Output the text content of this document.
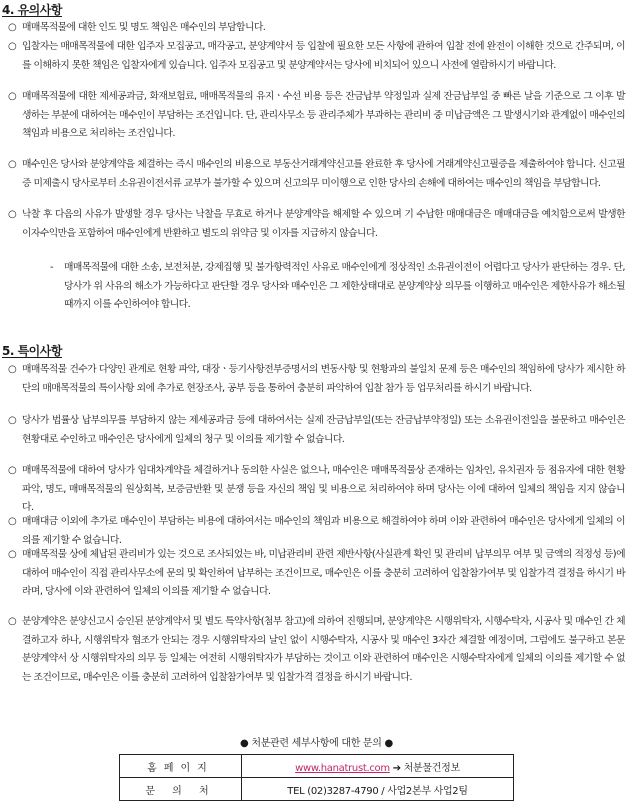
4. 유의사항
○ 매매목적물에 대한 인도 및 명도 책임은 매수인의 부담합니다.
○ 입찰자는 매매목적물에 대한 입주자 모집공고, 매각공고, 분양계약서 등 입찰에 필요한 모든 사항에 관하여 입찰 전에 완전이 이해한 것으로 간주되며, 이를 이해하지 못한 책임은 입찰자에게 있습니다. 입주자 모집공고 및 분양계약서는 당사에 비치되어 있으니 사전에 열람하시기 바랍니다.
○ 매매목적물에 대한 제세공과금, 화재보험료, 매매목적물의 유지ㆍ수선 비용 등은 잔금납부 약정일과 실제 잔금납부일 중 빠른 날을 기준으로 그 이후 발생하는 부분에 대하여는 매수인이 부담하는 조건입니다. 단, 관리사무소 등 관리주체가 부과하는 관리비 중 미납금액은 그 발생시기와 관계없이 매수인의 책임과 비용으로 처리하는 조건입니다.
○ 매수인은 당사와 분양계약을 체결하는 즉시 매수인의 비용으로 부동산거래계약신고를 완료한 후 당사에 거래계약신고필증을 제출하여야 합니다. 신고필증 미제출시 당사로부터 소유권이전서류 교부가 불가할 수 있으며 신고의무 미이행으로 인한 당사의 손해에 대하여는 매수인의 책임을 부담합니다.
○ 낙찰 후 다음의 사유가 발생할 경우 당사는 낙찰을 무효로 하거나 분양계약을 해제할 수 있으며 기 수납한 매매대금은 매매대금을 예치함으로써 발생한 이자수익만을 포함하여 매수인에게 반환하고 별도의 위약금 및 이자를 지급하지 않습니다.
-	매매목적물에 대한 소송, 보전처분, 강제집행 및 불가항력적인 사유로 매수인에게 정상적인 소유권이전이 어렵다고 당사가 판단하는 경우. 단, 당사가 위 사유의 해소가 가능하다고 판단할 경우 당사와 매수인은 그 제한상태대로 분양계약상 의무를 이행하고 매수인은 제한사유가 해소될 때까지 이를 수인하여야 합니다.
5. 특이사항
○ 매매목적물 건수가 다양인 관계로 현황 파악, 대장ㆍ등기사항전부증명서의 변동사항 및 현황과의 불일치 문제 등은 매수인의 책임하에 당사가 제시한 하단의 매매목적물의 특이사항 외에 추가로 현장조사, 공부 등을 통하여 충분히 파악하여 입찰 참가 등 업무처리를 하시기 바랍니다.
○ 당사가 법률상 납부의무를 부담하지 않는 제세공과금 등에 대하여서는 실제 잔금납부일(또는 잔금납부약정일) 또는 소유권이전일을 불문하고 매수인은 현황대로 수인하고 매수인은 당사에게 일체의 청구 및 이의를 제기할 수 없습니다.
○ 매매목적물에 대하여 당사가 임대차계약을 체결하거나 동의한 사실은 없으나, 매수인은 매매목적물상 존재하는 임차인, 유치권자 등 점유자에 대한 현황 파악, 명도, 매매목적물의 원상회복, 보증금반환 및 분쟁 등을 자신의 책임 및 비용으로 처리하여야 하며 당사는 이에 대하여 일체의 책임을 지지 않습니다.
○ 매매대금 이외에 추가로 매수인이 부담하는 비용에 대하여서는 매수인의 책임과 비용으로 해결하여야 하며 이와 관련하여 매수인은 당사에게 일체의 이의를 제기할 수 없습니다.
○ 매매목적물 상에 체납된 관리비가 있는 것으로 조사되었는 바, 미납관리비 관련 제반사항(사실관계 확인 및 관리비 납부의무 여부 및 금액의 적정성 등)에 대하여 매수인이 직접 관리사무소에 문의 및 확인하여 납부하는 조건이므로, 매수인은 이를 충분히 고려하여 입찰참가여부 및 입찰가격 결정을 하시기 바라며, 당사에 이와 관련하여 일체의 이의를 제기할 수 없습니다.
○ 분양계약은 분양신고시 승인된 분양계약서 및 별도 특약사항(첨부 참고)에 의하여 진행되며, 분양계약은 시행위탁자, 시행수탁자, 시공사 및 매수인 간 체결하고자 하나, 시행위탁자 협조가 안되는 경우 시행위탁자의 날인 없이 시행수탁자, 시공사 및 매수인 3자간 체결할 예정이며, 그럼에도 불구하고 본문 분양계약서 상 시행위탁자의 의무 등 일체는 여전히 시행위탁자가 부담하는 것이고 이와 관련하여 매수인은 시행수탁자에게 일체의 이의를 제기할 수 없는 조건이므로, 매수인은 이를 충분히 고려하여 입찰참가여부 및 입찰가격 결정을 하시기 바랍니다.
● 처분관련 세부사항에 대한 문의 ●
홈페이지	www.hanatrust.com ➔ 처분물건정보
문 의 처	TEL (02)3287-4790 / 사업2본부 사업2팀
